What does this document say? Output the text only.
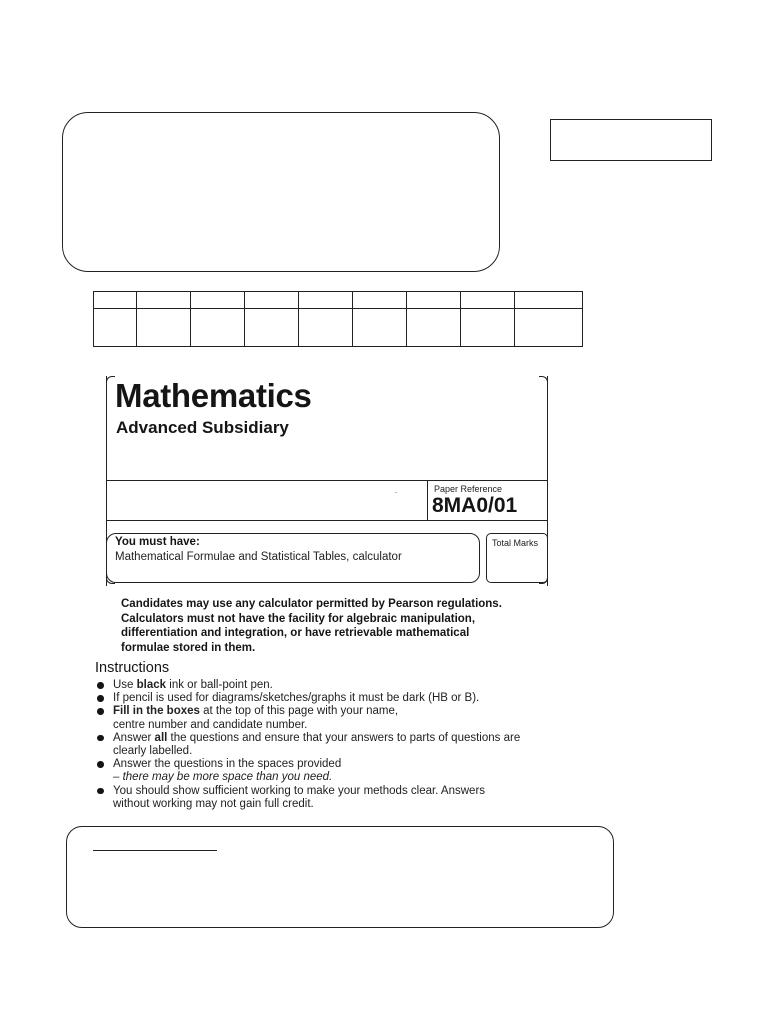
Mathematics
Advanced Subsidiary
.	Paper Reference
8MA0/01
You must have:
Mathematical Formulae and Statistical Tables, calculator
Total Marks
Candidates may use any calculator permitted by Pearson regulations.
Calculators must not have the facility for algebraic manipulation,
differentiation and integration, or have retrievable mathematical
formulae stored in them.
Instructions
Use black ink or ball-point pen.
If pencil is used for diagrams/sketches/graphs it must be dark (HB or B).
Fill in the boxes at the top of this page with your name,
centre number and candidate number.
Answer all the questions and ensure that your answers to parts of questions are
clearly labelled.
Answer the questions in the spaces provided
– there may be more space than you need.
You should show sufficient working to make your methods clear. Answers
without working may not gain full credit.
